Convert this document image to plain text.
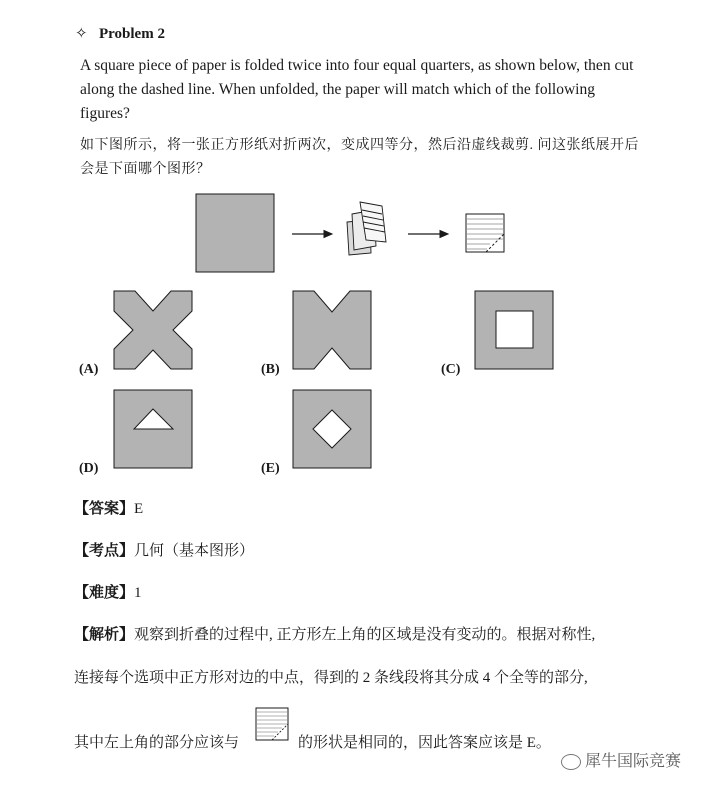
✧ Problem 2
A square piece of paper is folded twice into four equal quarters, as shown below, then cut along the dashed line. When unfolded, the paper will match which of the following figures?
如下图所示，将一张正方形纸对折两次，变成四等分，然后沿虚线裁剪. 问这张纸展开后会是下面哪个图形？
(A)	(B)	(C)
(D)	(E)
【答案】E
【考点】几何（基本图形）
【难度】1
【解析】观察到折叠的过程中, 正方形左上角的区域是没有变动的。根据对称性,
连接每个选项中正方形对边的中点，得到的 2 条线段将其分成 4 个全等的部分,
其中左上角的部分应该与	的形状是相同的，因此答案应该是 E。
犀牛国际竞赛
